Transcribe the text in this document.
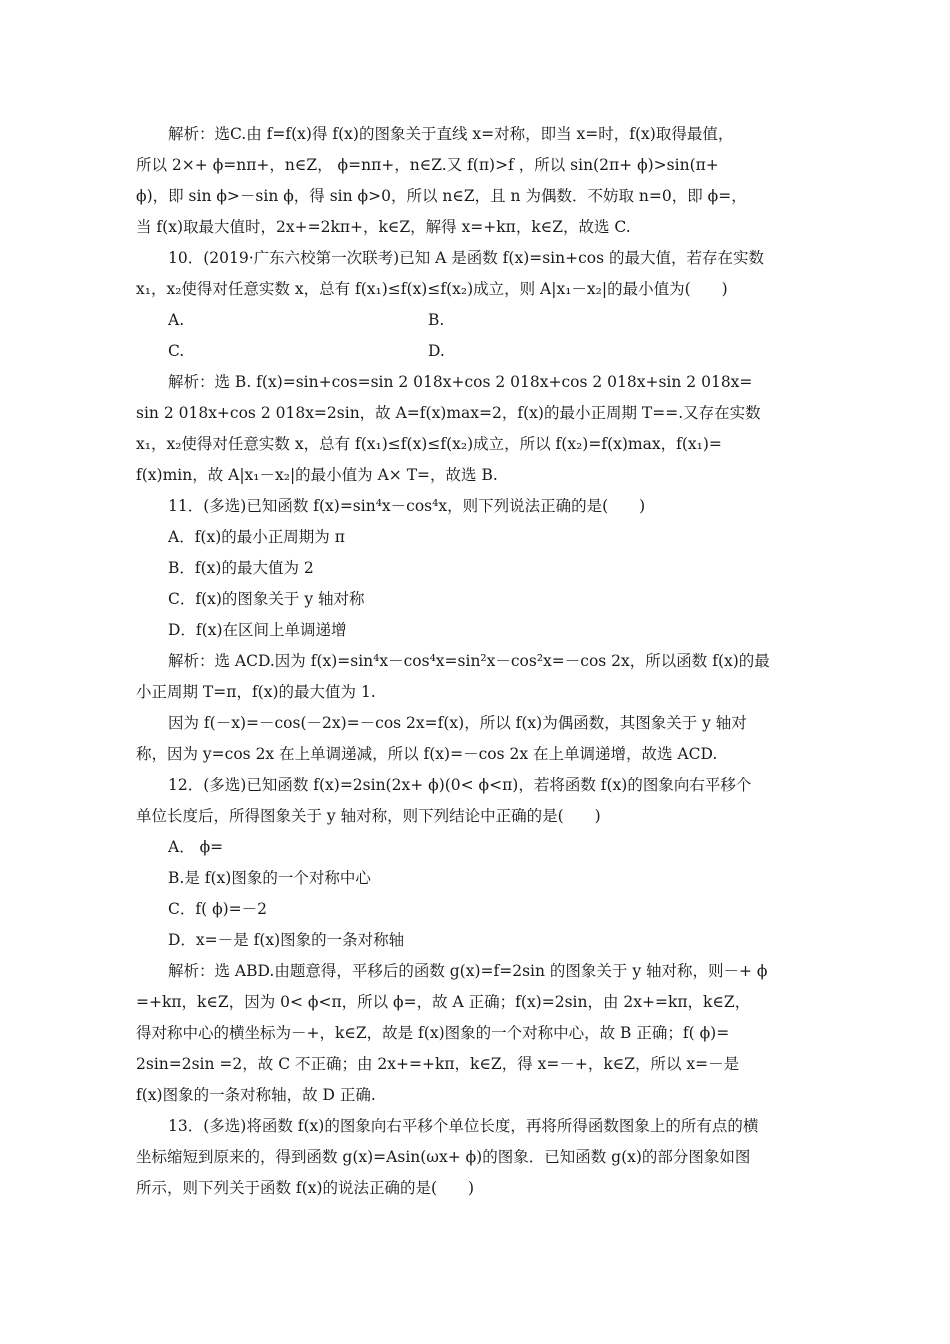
解析：选C.由 f=f(x)得 f(x)的图象关于直线 x=对称，即当 x=时，f(x)取得最值，
所以 2×+ ϕ=nπ+，n∈Z， ϕ=nπ+，n∈Z.又 f(π)>f ，所以 sin(2π+ ϕ)>sin(π+
ϕ)，即 sin ϕ>－sin ϕ，得 sin ϕ>0，所以 n∈Z，且 n 为偶数．不妨取 n=0，即 ϕ=，
当 f(x)取最大值时，2x+=2kπ+，k∈Z，解得 x=+kπ，k∈Z，故选 C.
10．(2019·广东六校第一次联考)已知 A 是函数 f(x)=sin+cos 的最大值，若存在实数
x₁，x₂使得对任意实数 x，总有 f(x₁)≤f(x)≤f(x₂)成立，则 A|x₁－x₂|的最小值为(　　)
A.	B.
C.	D.
解析：选 B. f(x)=sin+cos=sin 2 018x+cos 2 018x+cos 2 018x+sin 2 018x=
sin 2 018x+cos 2 018x=2sin，故 A=f(x)max=2，f(x)的最小正周期 T==.又存在实数
x₁，x₂使得对任意实数 x，总有 f(x₁)≤f(x)≤f(x₂)成立，所以 f(x₂)=f(x)max，f(x₁)=
f(x)min，故 A|x₁－x₂|的最小值为 A× T=，故选 B.
11．(多选)已知函数 f(x)=sin⁴x－cos⁴x，则下列说法正确的是(　　)
A．f(x)的最小正周期为 π
B．f(x)的最大值为 2
C．f(x)的图象关于 y 轴对称
D．f(x)在区间上单调递增
解析：选 ACD.因为 f(x)=sin⁴x－cos⁴x=sin²x－cos²x=－cos 2x，所以函数 f(x)的最
小正周期 T=π，f(x)的最大值为 1.
因为 f(－x)=－cos(－2x)=－cos 2x=f(x)，所以 f(x)为偶函数，其图象关于 y 轴对
称，因为 y=cos 2x 在上单调递减，所以 f(x)=－cos 2x 在上单调递增，故选 ACD.
12．(多选)已知函数 f(x)=2sin(2x+ ϕ)(0< ϕ<π)，若将函数 f(x)的图象向右平移个
单位长度后，所得图象关于 y 轴对称，则下列结论中正确的是(　　)
A． ϕ=
B.是 f(x)图象的一个对称中心
C．f( ϕ)=－2
D．x=－是 f(x)图象的一条对称轴
解析：选 ABD.由题意得，平移后的函数 g(x)=f=2sin 的图象关于 y 轴对称，则－+ ϕ
=+kπ，k∈Z，因为 0< ϕ<π，所以 ϕ=，故 A 正确；f(x)=2sin，由 2x+=kπ，k∈Z，
得对称中心的横坐标为－+，k∈Z，故是 f(x)图象的一个对称中心，故 B 正确；f( ϕ)=
2sin=2sin =2，故 C 不正确；由 2x+=+kπ，k∈Z，得 x=－+，k∈Z，所以 x=－是
f(x)图象的一条对称轴，故 D 正确.
13．(多选)将函数 f(x)的图象向右平移个单位长度，再将所得函数图象上的所有点的横
坐标缩短到原来的，得到函数 g(x)=Asin(ωx+ ϕ)的图象．已知函数 g(x)的部分图象如图
所示，则下列关于函数 f(x)的说法正确的是(　　)
